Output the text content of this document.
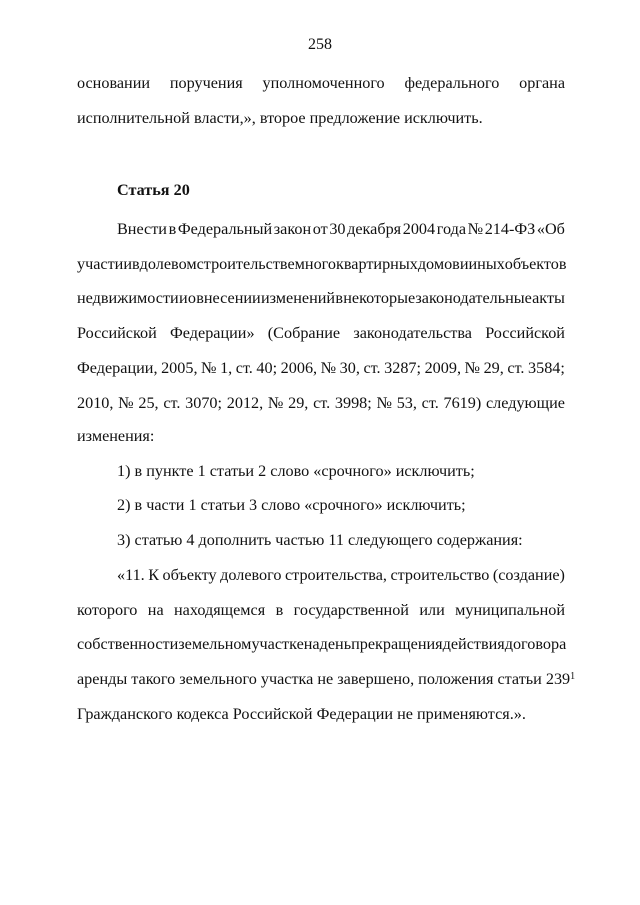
258
основании поручения уполномоченного федерального органа
исполнительной власти,», второе предложение исключить.
Статья 20
Внести в Федеральный закон от 30 декабря 2004 года № 214-ФЗ «Об
участии в долевом строительстве многоквартирных домов и иных объектов
недвижимости и о внесении изменений в некоторые законодательные акты
Российской Федерации» (Собрание законодательства Российской
Федерации, 2005, № 1, ст. 40; 2006, № 30, ст. 3287; 2009, № 29, ст. 3584;
2010, № 25, ст. 3070; 2012, № 29, ст. 3998; № 53, ст. 7619) следующие
изменения:
1) в пункте 1 статьи 2 слово «срочного» исключить;
2) в части 1 статьи 3 слово «срочного» исключить;
3) статью 4 дополнить частью 11 следующего содержания:
«11. К объекту долевого строительства, строительство (создание)
которого на находящемся в государственной или муниципальной
собственности земельном участке на день прекращения действия договора
аренды такого земельного участка не завершено, положения статьи $239^1$
Гражданского кодекса Российской Федерации не применяются.».
